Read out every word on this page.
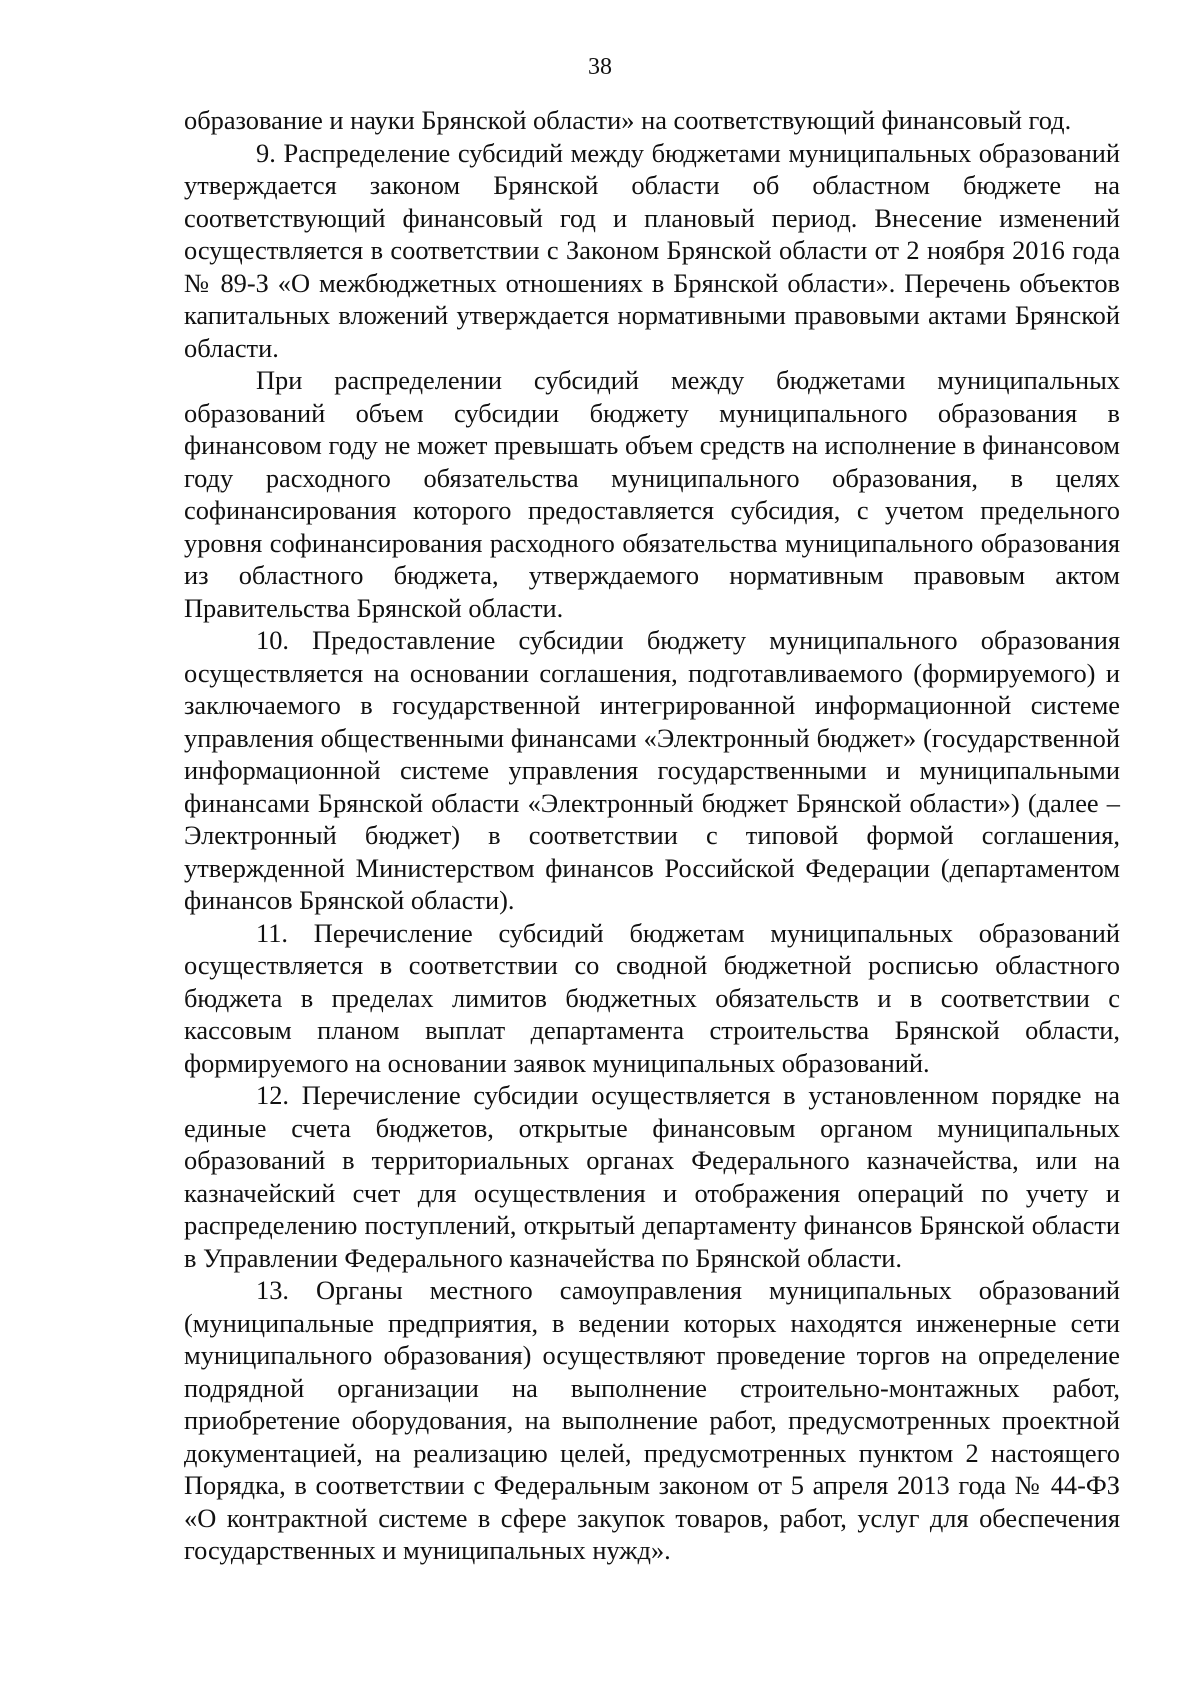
38

образование и науки Брянской области» на соответствующий финансовый год.

9. Распределение субсидий между бюджетами муниципальных образований утверждается законом Брянской области об областном бюджете на соответствующий финансовый год и плановый период. Внесение изменений осуществляется в соответствии с Законом Брянской области от 2 ноября 2016 года № 89-З «О межбюджетных отношениях в Брянской области». Перечень объектов капитальных вложений утверждается нормативными правовыми актами Брянской области.

При распределении субсидий между бюджетами муниципальных образований объем субсидии бюджету муниципального образования в финансовом году не может превышать объем средств на исполнение в финансовом году расходного обязательства муниципального образования, в целях софинансирования которого предоставляется субсидия, с учетом предельного уровня софинансирования расходного обязательства муниципального образования из областного бюджета, утверждаемого нормативным правовым актом Правительства Брянской области.

10. Предоставление субсидии бюджету муниципального образования осуществляется на основании соглашения, подготавливаемого (формируемого) и заключаемого в государственной интегрированной информационной системе управления общественными финансами «Электронный бюджет» (государственной информационной системе управления государственными и муниципальными финансами Брянской области «Электронный бюджет Брянской области») (далее – Электронный бюджет) в соответствии с типовой формой соглашения, утвержденной Министерством финансов Российской Федерации (департаментом финансов Брянской области).

11. Перечисление субсидий бюджетам муниципальных образований осуществляется в соответствии со сводной бюджетной росписью областного бюджета в пределах лимитов бюджетных обязательств и в соответствии с кассовым планом выплат департамента строительства Брянской области, формируемого на основании заявок муниципальных образований.

12. Перечисление субсидии осуществляется в установленном порядке на единые счета бюджетов, открытые финансовым органом муниципальных образований в территориальных органах Федерального казначейства, или на казначейский счет для осуществления и отображения операций по учету и распределению поступлений, открытый департаменту финансов Брянской области в Управлении Федерального казначейства по Брянской области.

13. Органы местного самоуправления муниципальных образований (муниципальные предприятия, в ведении которых находятся инженерные сети муниципального образования) осуществляют проведение торгов на определение подрядной организации на выполнение строительно-монтажных работ, приобретение оборудования, на выполнение работ, предусмотренных проектной документацией, на реализацию целей, предусмотренных пунктом 2 настоящего Порядка, в соответствии с Федеральным законом от 5 апреля 2013 года № 44-ФЗ «О контрактной системе в сфере закупок товаров, работ, услуг для обеспечения государственных и муниципальных нужд».
